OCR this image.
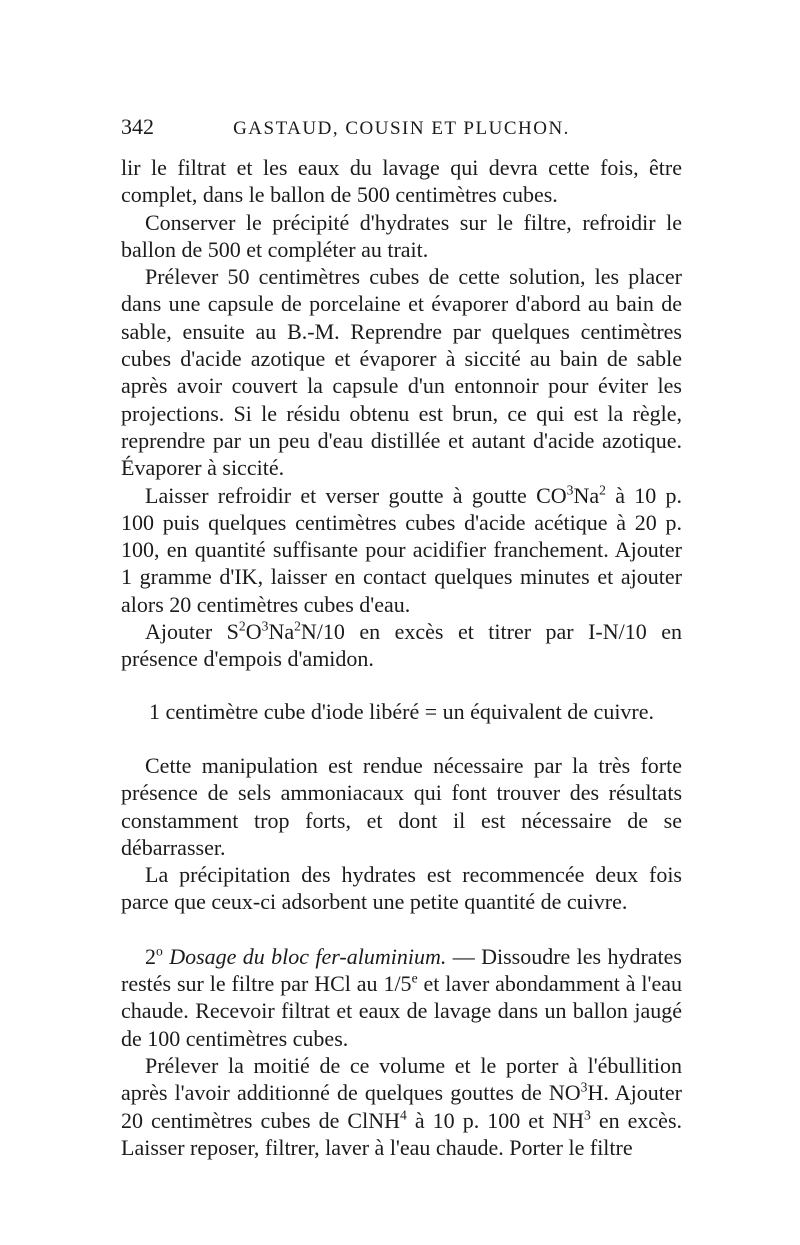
342	GASTAUD, COUSIN ET PLUCHON.

lir le filtrat et les eaux du lavage qui devra cette fois, être complet, dans le ballon de 500 centimètres cubes.

Conserver le précipité d'hydrates sur le filtre, refroidir le ballon de 500 et compléter au trait.

Prélever 50 centimètres cubes de cette solution, les placer dans une capsule de porcelaine et évaporer d'abord au bain de sable, ensuite au B.-M. Reprendre par quelques centimètres cubes d'acide azotique et évaporer à siccité au bain de sable après avoir couvert la capsule d'un entonnoir pour éviter les projections. Si le résidu obtenu est brun, ce qui est la règle, reprendre par un peu d'eau distillée et autant d'acide azotique. Évaporer à siccité.

Laisser refroidir et verser goutte à goutte $CO^3Na^2$ à 10 p. 100 puis quelques centimètres cubes d'acide acétique à 20 p. 100, en quantité suffisante pour acidifier franchement. Ajouter 1 gramme d'IK, laisser en contact quelques minutes et ajouter alors 20 centimètres cubes d'eau.

Ajouter $S^2O^3Na^2N/10$ en excès et titrer par I-N/10 en présence d'empois d'amidon.

1 centimètre cube d'iode libéré = un équivalent de cuivre.

Cette manipulation est rendue nécessaire par la très forte présence de sels ammoniacaux qui font trouver des résultats constamment trop forts, et dont il est nécessaire de se débarrasser.

La précipitation des hydrates est recommencée deux fois parce que ceux-ci adsorbent une petite quantité de cuivre.

2$^o$ Dosage du bloc fer-aluminium. — Dissoudre les hydrates restés sur le filtre par HCl au 1/5e et laver abondamment à l'eau chaude. Recevoir filtrat et eaux de lavage dans un ballon jaugé de 100 centimètres cubes.

Prélever la moitié de ce volume et le porter à l'ébullition après l'avoir additionné de quelques gouttes de $NO^3H$. Ajouter 20 centimètres cubes de ClNH$^4$ à 10 p. 100 et $NH^3$ en excès. Laisser reposer, filtrer, laver à l'eau chaude. Porter le filtre
